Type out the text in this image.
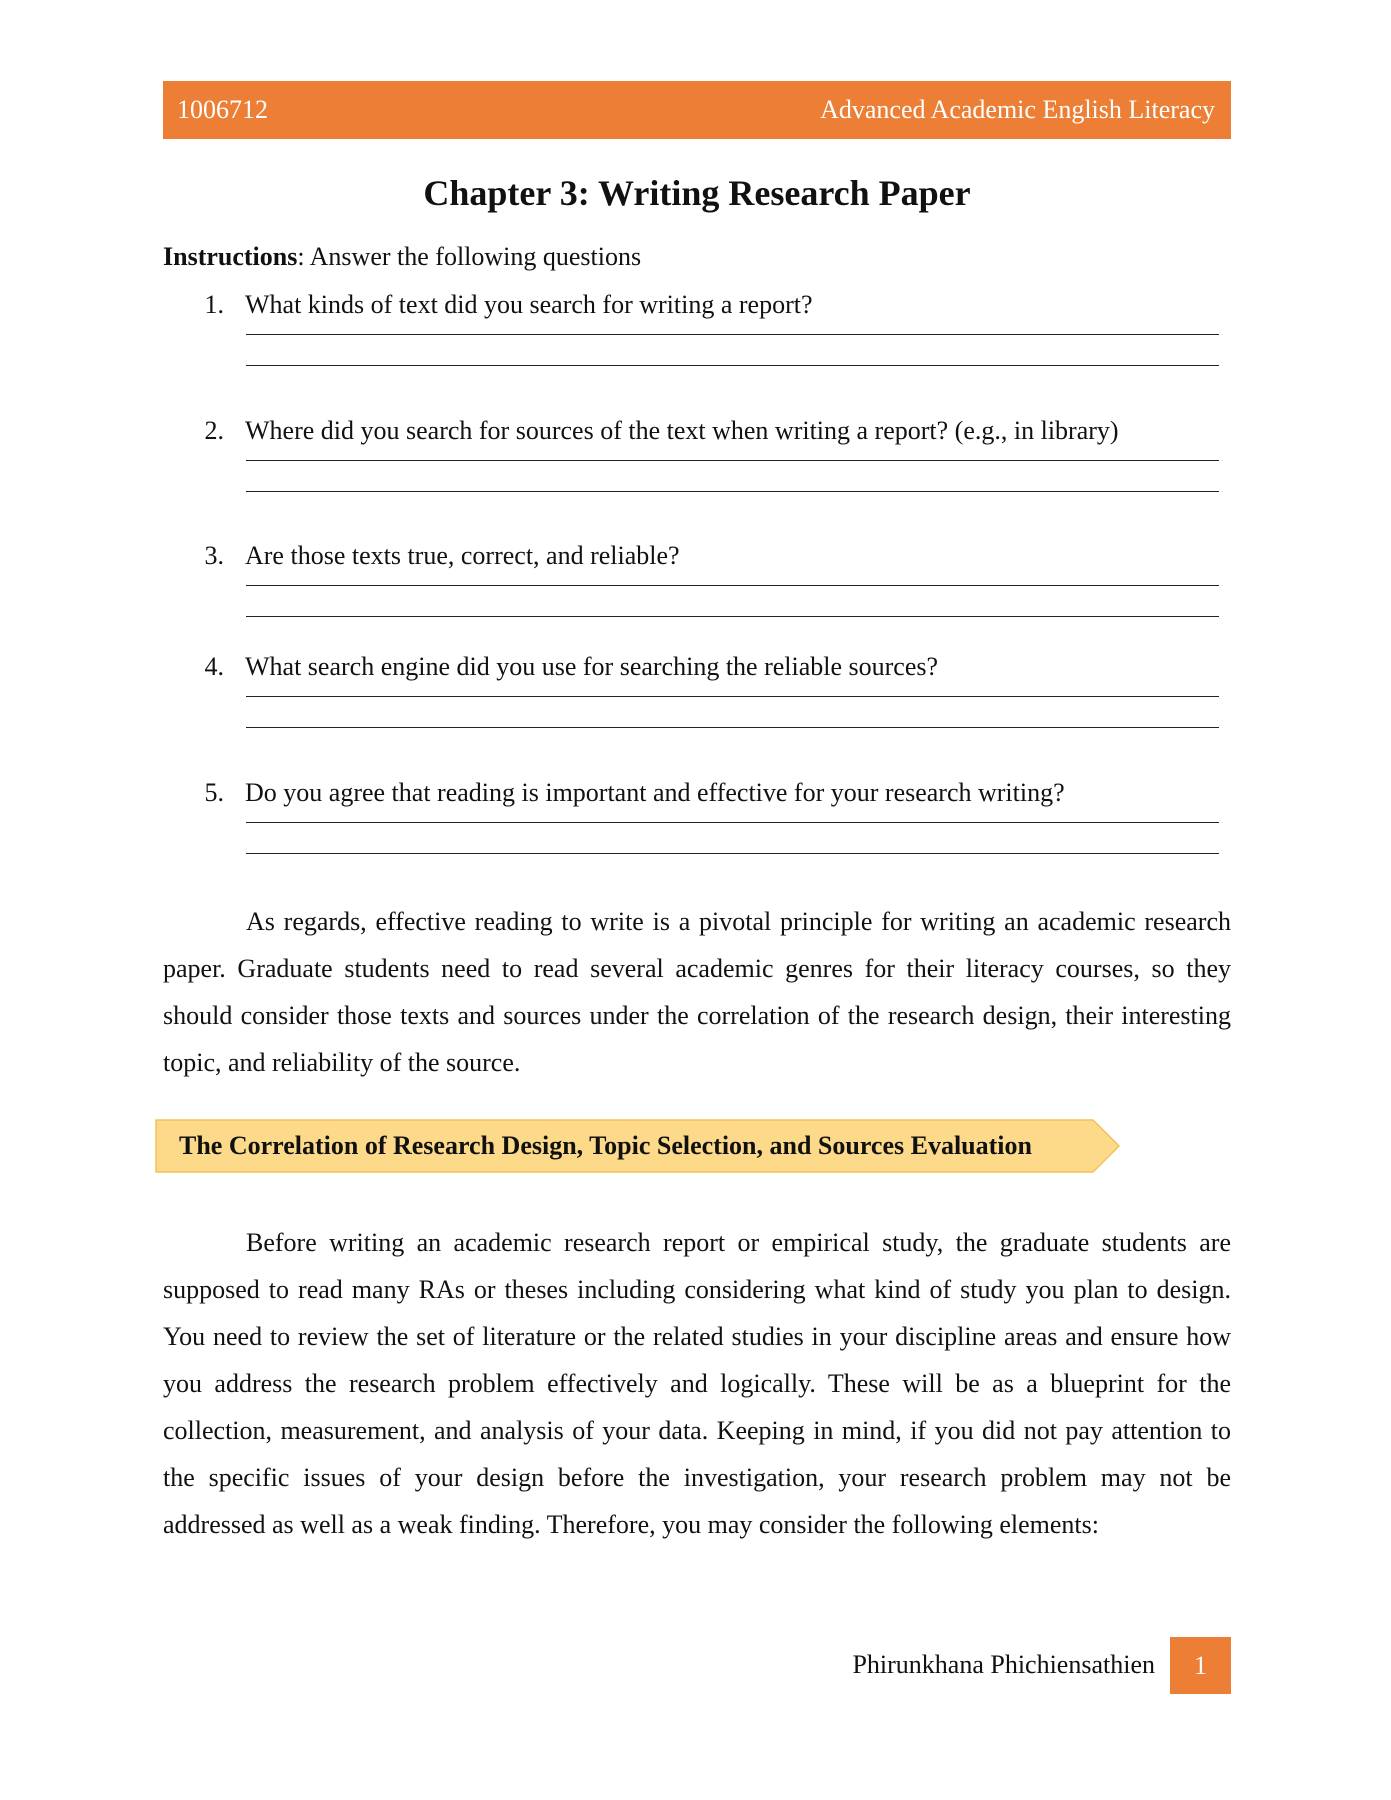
1006712	Advanced Academic English Literacy
Chapter 3: Writing Research Paper

Instructions: Answer the following questions

1. What kinds of text did you search for writing a report?
2. Where did you search for sources of the text when writing a report? (e.g., in library)
3. Are those texts true, correct, and reliable?
4. What search engine did you use for searching the reliable sources?
5. Do you agree that reading is important and effective for your research writing?

As regards, effective reading to write is a pivotal principle for writing an academic research paper. Graduate students need to read several academic genres for their literacy courses, so they should consider those texts and sources under the correlation of the research design, their interesting topic, and reliability of the source.

The Correlation of Research Design, Topic Selection, and Sources Evaluation

Before writing an academic research report or empirical study, the graduate students are supposed to read many RAs or theses including considering what kind of study you plan to design. You need to review the set of literature or the related studies in your discipline areas and ensure how you address the research problem effectively and logically. These will be as a blueprint for the collection, measurement, and analysis of your data. Keeping in mind, if you did not pay attention to the specific issues of your design before the investigation, your research problem may not be addressed as well as a weak finding. Therefore, you may consider the following elements:

Phirunkhana Phichiensathien	1
